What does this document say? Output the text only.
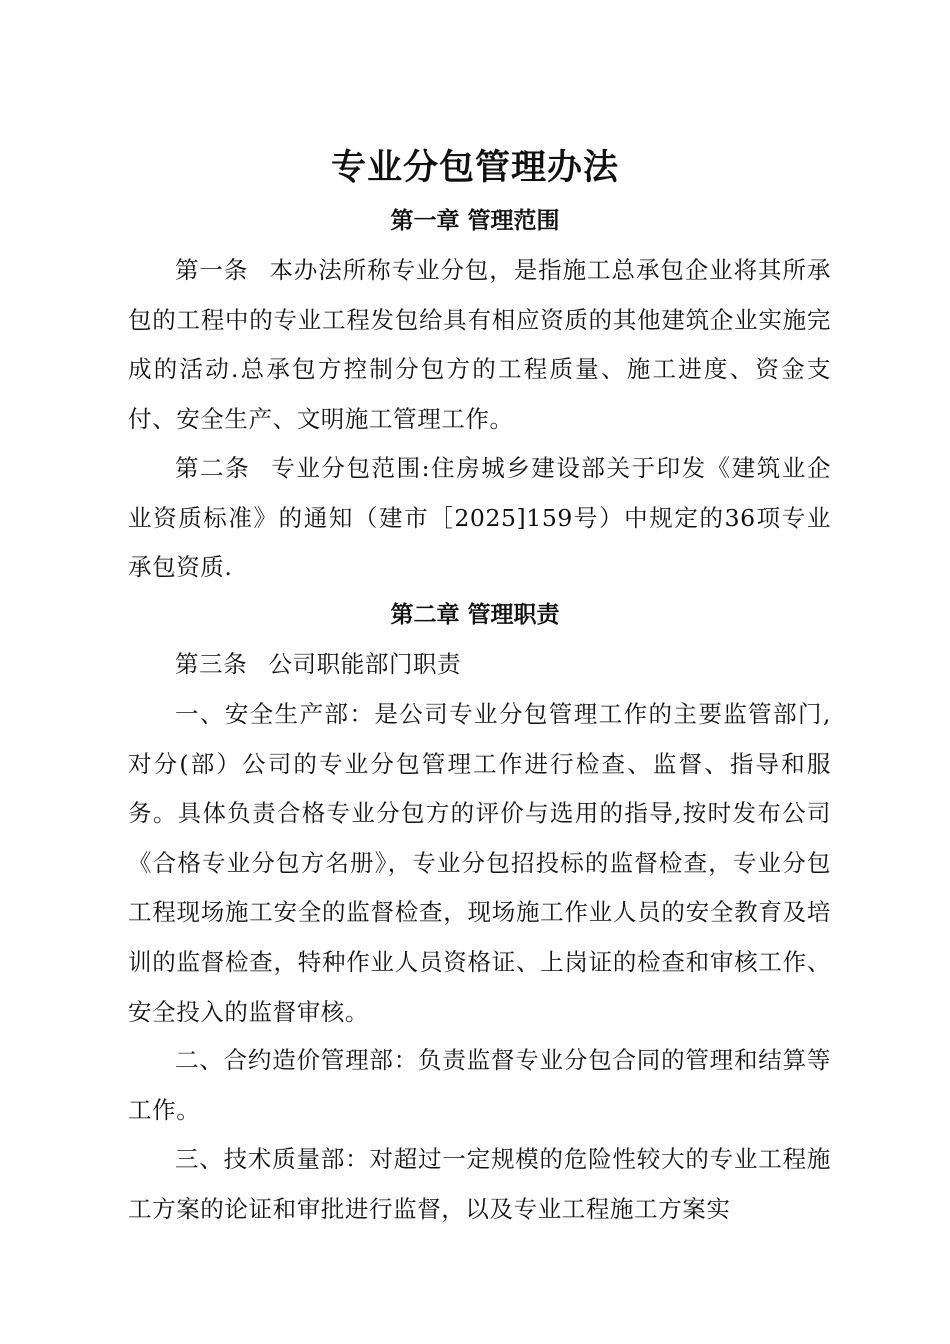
专业分包管理办法
第一章 管理范围

第一条 本办法所称专业分包，是指施工总承包企业将其所承包的工程中的专业工程发包给具有相应资质的其他建筑企业实施完成的活动.总承包方控制分包方的工程质量、施工进度、资金支付、安全生产、文明施工管理工作。

第二条 专业分包范围:住房城乡建设部关于印发《建筑业企业资质标准》的通知（建市［2025]159号）中规定的36项专业承包资质.

第二章 管理职责

第三条 公司职能部门职责

一、安全生产部：是公司专业分包管理工作的主要监管部门,对分(部）公司的专业分包管理工作进行检查、监督、指导和服务。具体负责合格专业分包方的评价与选用的指导,按时发布公司《合格专业分包方名册》，专业分包招投标的监督检查，专业分包工程现场施工安全的监督检查，现场施工作业人员的安全教育及培训的监督检查，特种作业人员资格证、上岗证的检查和审核工作、安全投入的监督审核。

二、合约造价管理部：负责监督专业分包合同的管理和结算等工作。

三、技术质量部：对超过一定规模的危险性较大的专业工程施工方案的论证和审批进行监督，以及专业工程施工方案实
